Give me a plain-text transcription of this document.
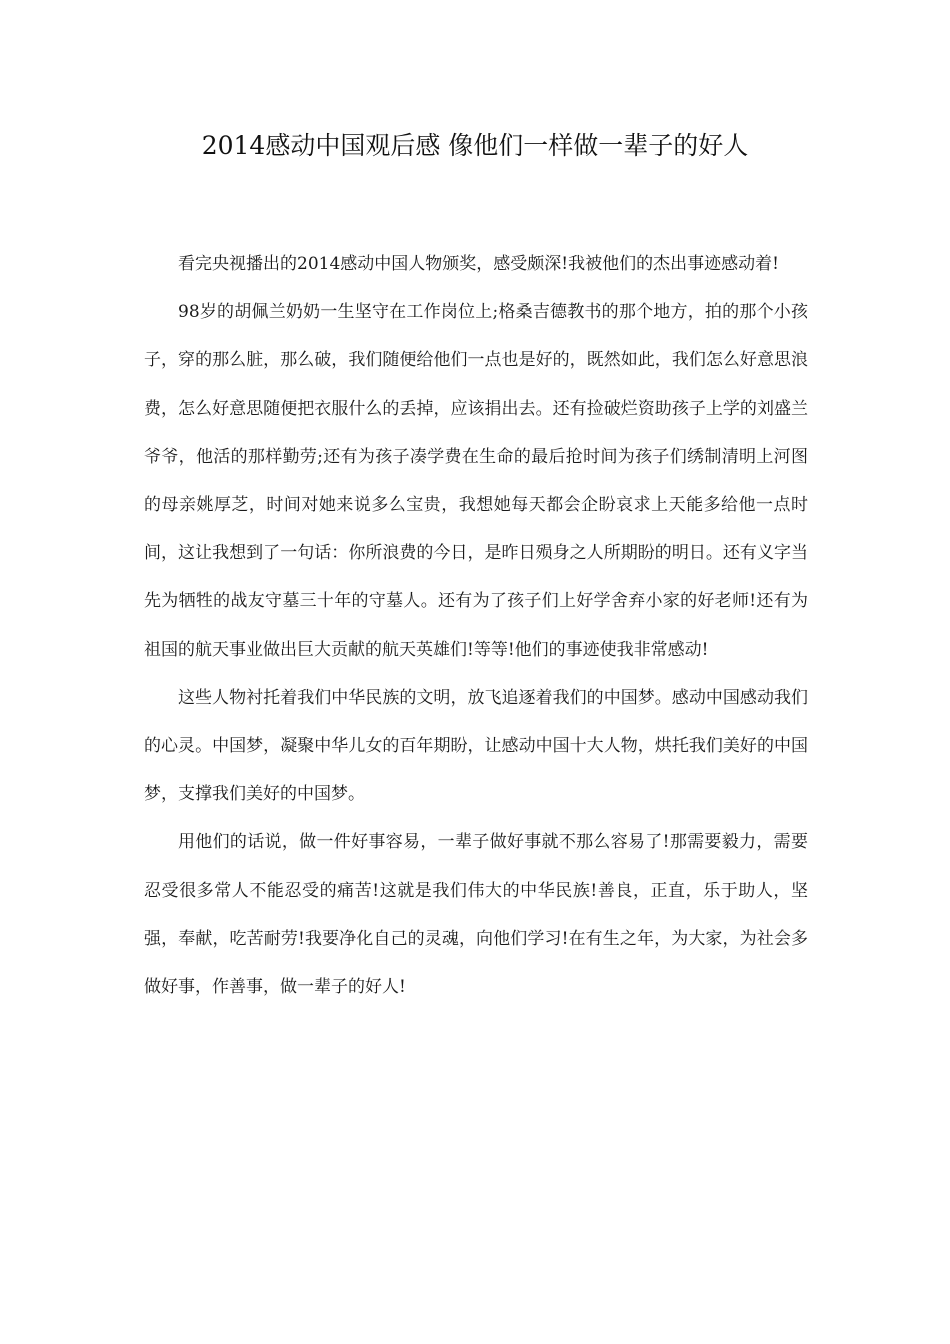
2014感动中国观后感 像他们一样做一辈子的好人

看完央视播出的2014感动中国人物颁奖，感受颇深!我被他们的杰出事迹感动着!

98岁的胡佩兰奶奶一生坚守在工作岗位上;格桑吉德教书的那个地方，拍的那个小孩子，穿的那么脏，那么破，我们随便给他们一点也是好的，既然如此，我们怎么好意思浪费，怎么好意思随便把衣服什么的丢掉，应该捐出去。还有捡破烂资助孩子上学的刘盛兰爷爷，他活的那样勤劳;还有为孩子凑学费在生命的最后抢时间为孩子们绣制清明上河图的母亲姚厚芝，时间对她来说多么宝贵，我想她每天都会企盼哀求上天能多给他一点时间，这让我想到了一句话：你所浪费的今日，是昨日殒身之人所期盼的明日。还有义字当先为牺牲的战友守墓三十年的守墓人。还有为了孩子们上好学舍弃小家的好老师!还有为祖国的航天事业做出巨大贡献的航天英雄们!等等!他们的事迹使我非常感动!

这些人物衬托着我们中华民族的文明，放飞追逐着我们的中国梦。感动中国感动我们的心灵。中国梦，凝聚中华儿女的百年期盼，让感动中国十大人物，烘托我们美好的中国梦，支撑我们美好的中国梦。

用他们的话说，做一件好事容易，一辈子做好事就不那么容易了!那需要毅力，需要忍受很多常人不能忍受的痛苦!这就是我们伟大的中华民族!善良，正直，乐于助人，坚强，奉献，吃苦耐劳!我要净化自己的灵魂，向他们学习!在有生之年，为大家，为社会多做好事，作善事，做一辈子的好人!
